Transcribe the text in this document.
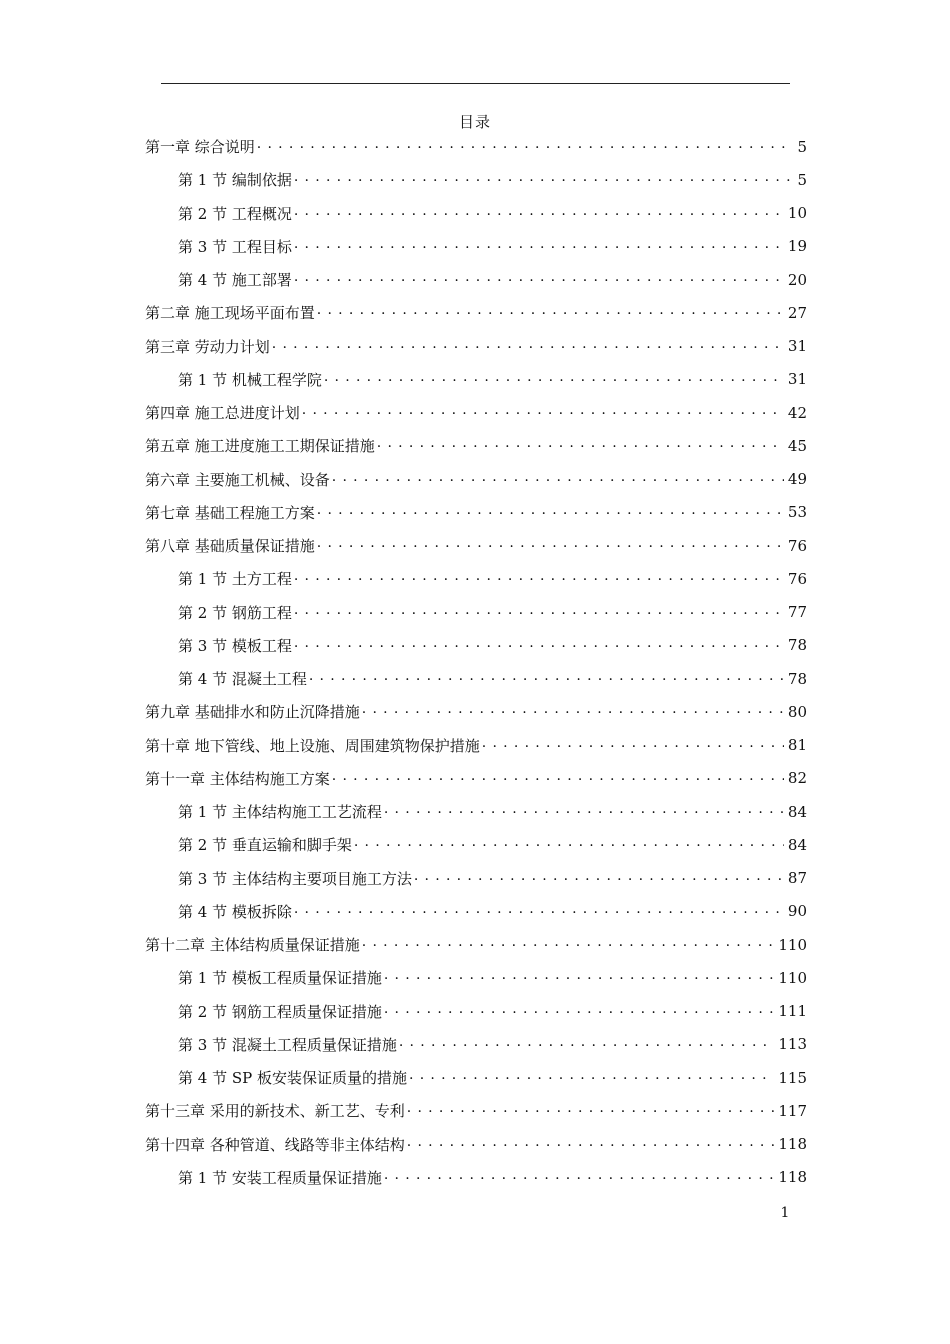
目录
第一章 综合说明 . . .	5
第 1 节 编制依据 . . .	5
第 2 节 工程概况 . . .	10
第 3 节 工程目标 . . .	19
第 4 节 施工部署 . . .	20
第二章 施工现场平面布置 . . .	27
第三章 劳动力计划 . . .	31
第 1 节 机械工程学院 . . .	31
第四章 施工总进度计划 . . .	42
第五章 施工进度施工工期保证措施 . . .	45
第六章 主要施工机械、设备 . . .	49
第七章 基础工程施工方案 . . .	53
第八章 基础质量保证措施 . . .	76
第 1 节 土方工程 . . .	76
第 2 节 钢筋工程 . . .	77
第 3 节 模板工程 . . .	78
第 4 节 混凝土工程 . . .	78
第九章 基础排水和防止沉降措施 . . .	80
第十章 地下管线、地上设施、周围建筑物保护措施 . . .	81
第十一章 主体结构施工方案 . . .	82
第 1 节 主体结构施工工艺流程 . . .	84
第 2 节 垂直运输和脚手架 . . .	84
第 3 节 主体结构主要项目施工方法 . . .	87
第 4 节 模板拆除 . . .	90
第十二章 主体结构质量保证措施 . . .	110
第 1 节 模板工程质量保证措施 . . .	110
第 2 节 钢筋工程质量保证措施 . . .	111
第 3 节 混凝土工程质量保证措施 . . .	113
第 4 节 SP 板安装保证质量的措施 . . .	115
第十三章 采用的新技术、新工艺、专利 . . .	117
第十四章 各种管道、线路等非主体结构 . . .	118
第 1 节 安装工程质量保证措施 . . .	118
1
